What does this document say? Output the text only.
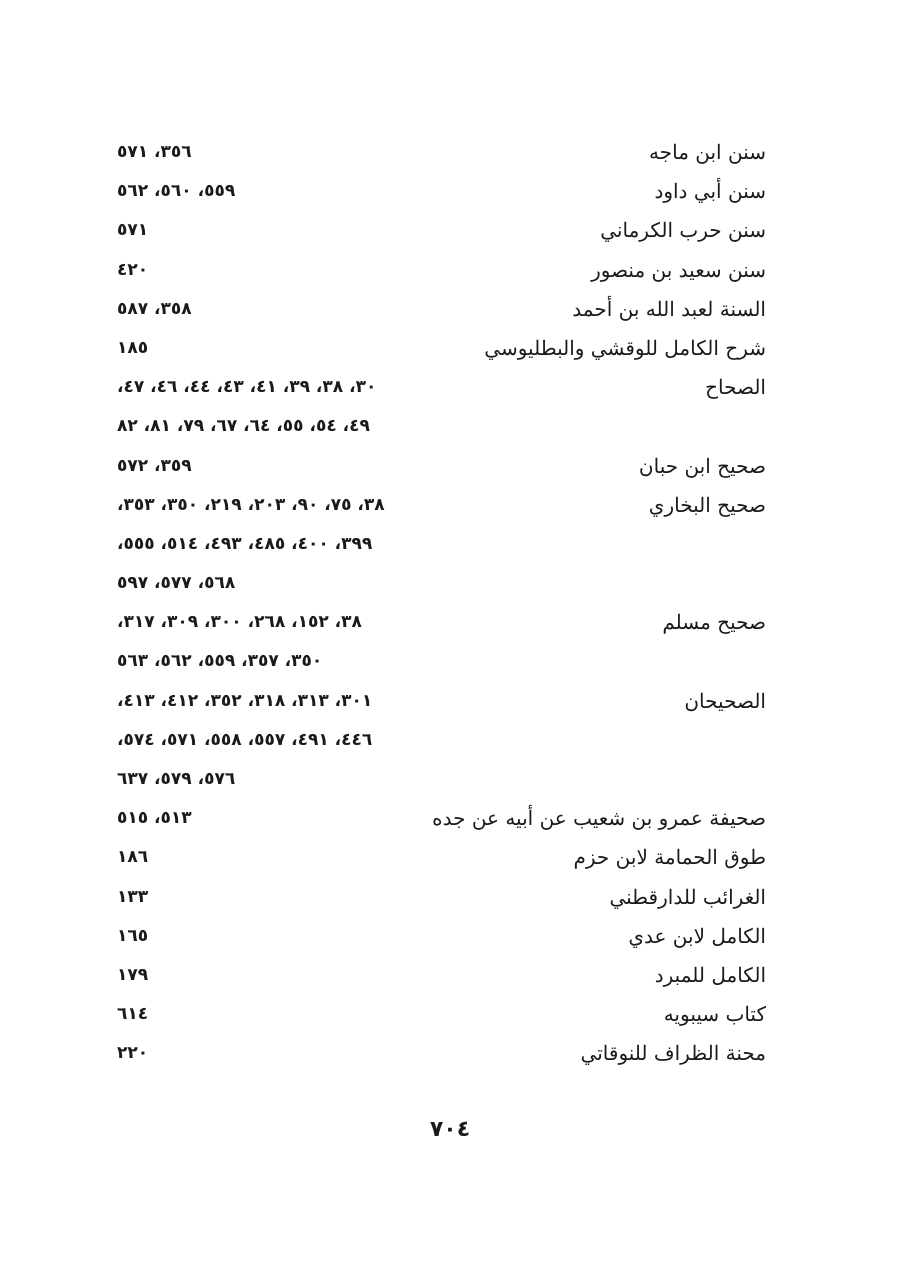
سنن ابن ماجه
٣٥٦، ٥٧١
سنن أبي داود
٥٥٩، ٥٦٠، ٥٦٢
سنن حرب الكرماني
٥٧١
سنن سعيد بن منصور
٤٢٠
السنة لعبد الله بن أحمد
٣٥٨، ٥٨٧
شرح الكامل للوقشي والبطليوسي
١٨٥
الصحاح
٣٠، ٣٨، ٣٩، ٤١، ٤٣، ٤٤، ٤٦، ٤٧،
٤٩، ٥٤، ٥٥، ٦٤، ٦٧، ٧٩، ٨١، ٨٢
صحيح ابن حبان
٣٥٩، ٥٧٢
صحيح البخاري
٣٨، ٧٥، ٩٠، ٢٠٣، ٢١٩، ٣٥٠، ٣٥٣،
٣٩٩، ٤٠٠، ٤٨٥، ٤٩٣، ٥١٤، ٥٥٥،
٥٦٨، ٥٧٧، ٥٩٧
صحيح مسلم
٣٨، ١٥٢، ٢٦٨، ٣٠٠، ٣٠٩، ٣١٧،
٣٥٠، ٣٥٧، ٥٥٩، ٥٦٢، ٥٦٣
الصحيحان
٣٠١، ٣١٣، ٣١٨، ٣٥٢، ٤١٢، ٤١٣،
٤٤٦، ٤٩١، ٥٥٧، ٥٥٨، ٥٧١، ٥٧٤،
٥٧٦، ٥٧٩، ٦٣٧
صحيفة عمرو بن شعيب عن أبيه عن جده
٥١٣، ٥١٥
طوق الحمامة لابن حزم
١٨٦
الغرائب للدارقطني
١٣٣
الكامل لابن عدي
١٦٥
الكامل للمبرد
١٧٩
كتاب سيبويه
٦١٤
محنة الظراف للنوقاتي
٢٢٠
٧٠٤
